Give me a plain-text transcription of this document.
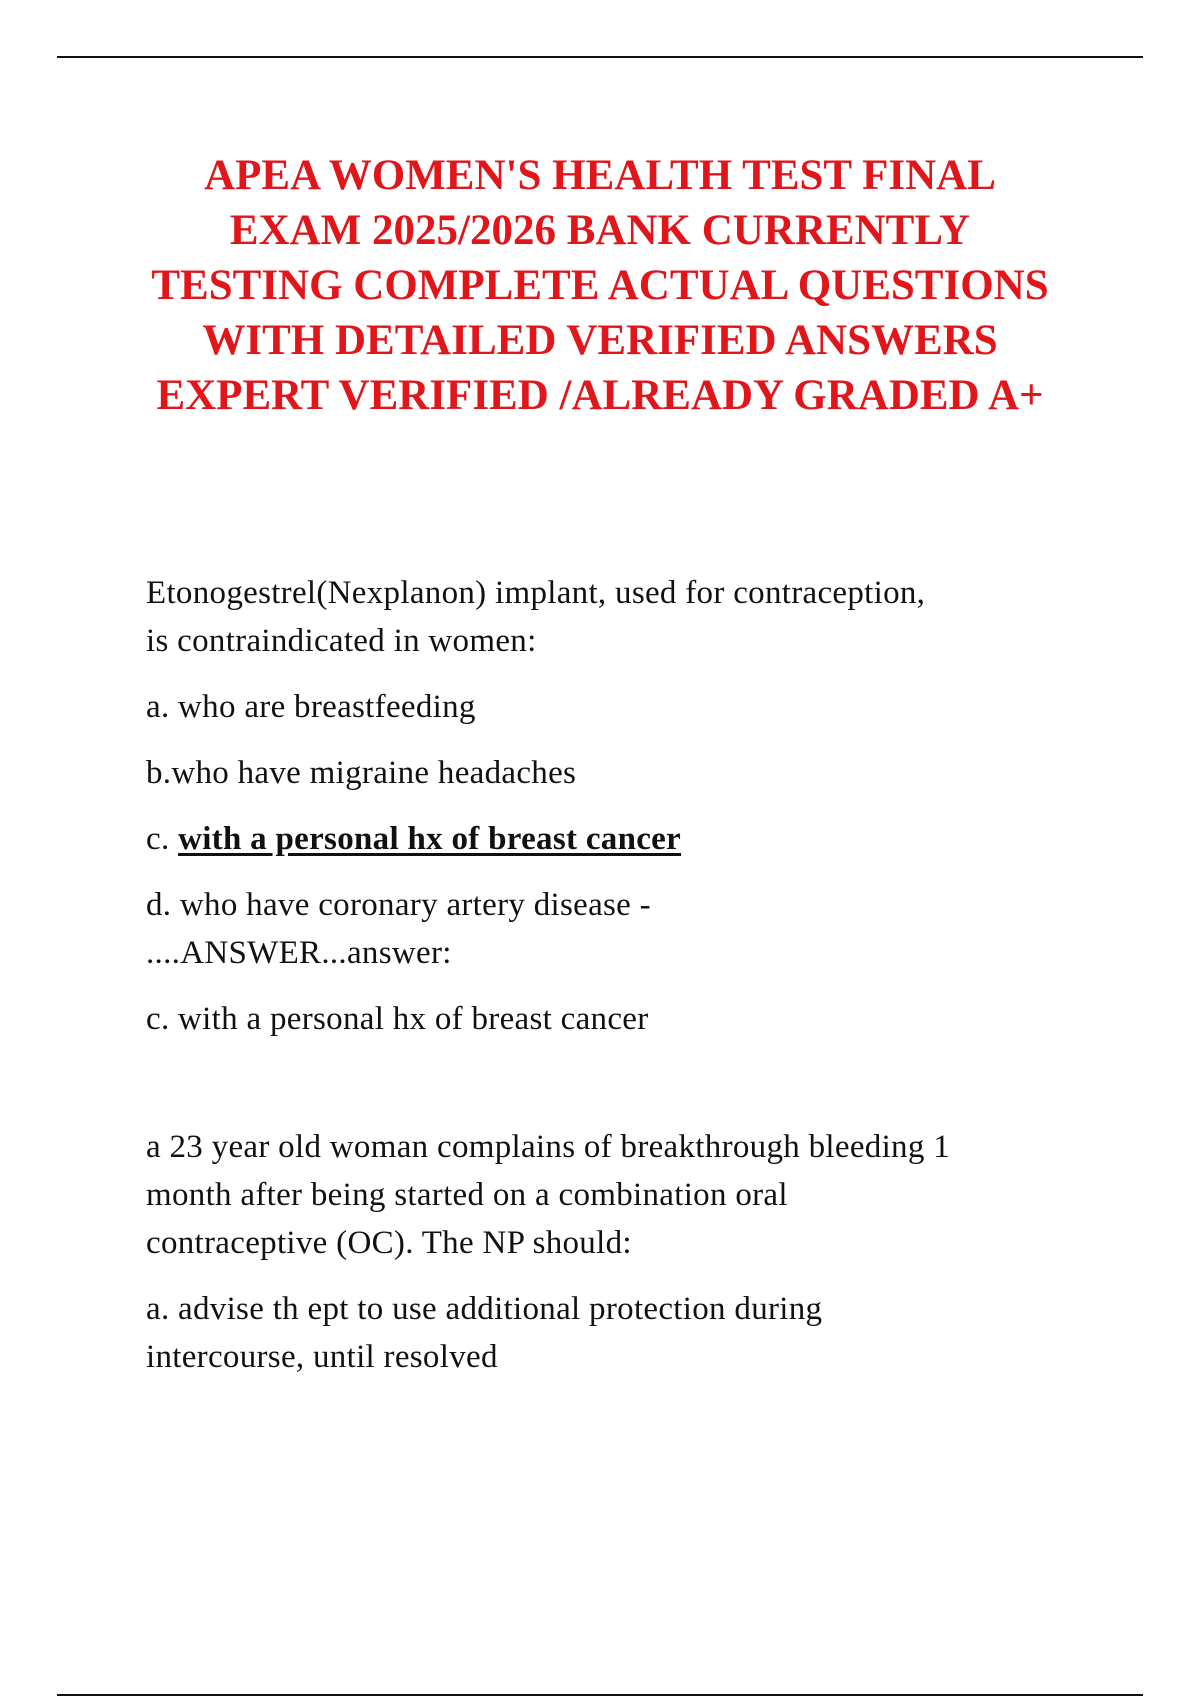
APEA WOMEN'S HEALTH TEST FINAL
EXAM 2025/2026 BANK CURRENTLY
TESTING COMPLETE ACTUAL QUESTIONS
WITH DETAILED VERIFIED ANSWERS
EXPERT VERIFIED /ALREADY GRADED A+

Etonogestrel(Nexplanon) implant, used for contraception,
is contraindicated in women:

a. who are breastfeeding

b.who have migraine headaches

c. with a personal hx of breast cancer

d. who have coronary artery disease -
....ANSWER...answer:

c. with a personal hx of breast cancer

a 23 year old woman complains of breakthrough bleeding 1
month after being started on a combination oral
contraceptive (OC). The NP should:

a. advise th ept to use additional protection during
intercourse, until resolved
